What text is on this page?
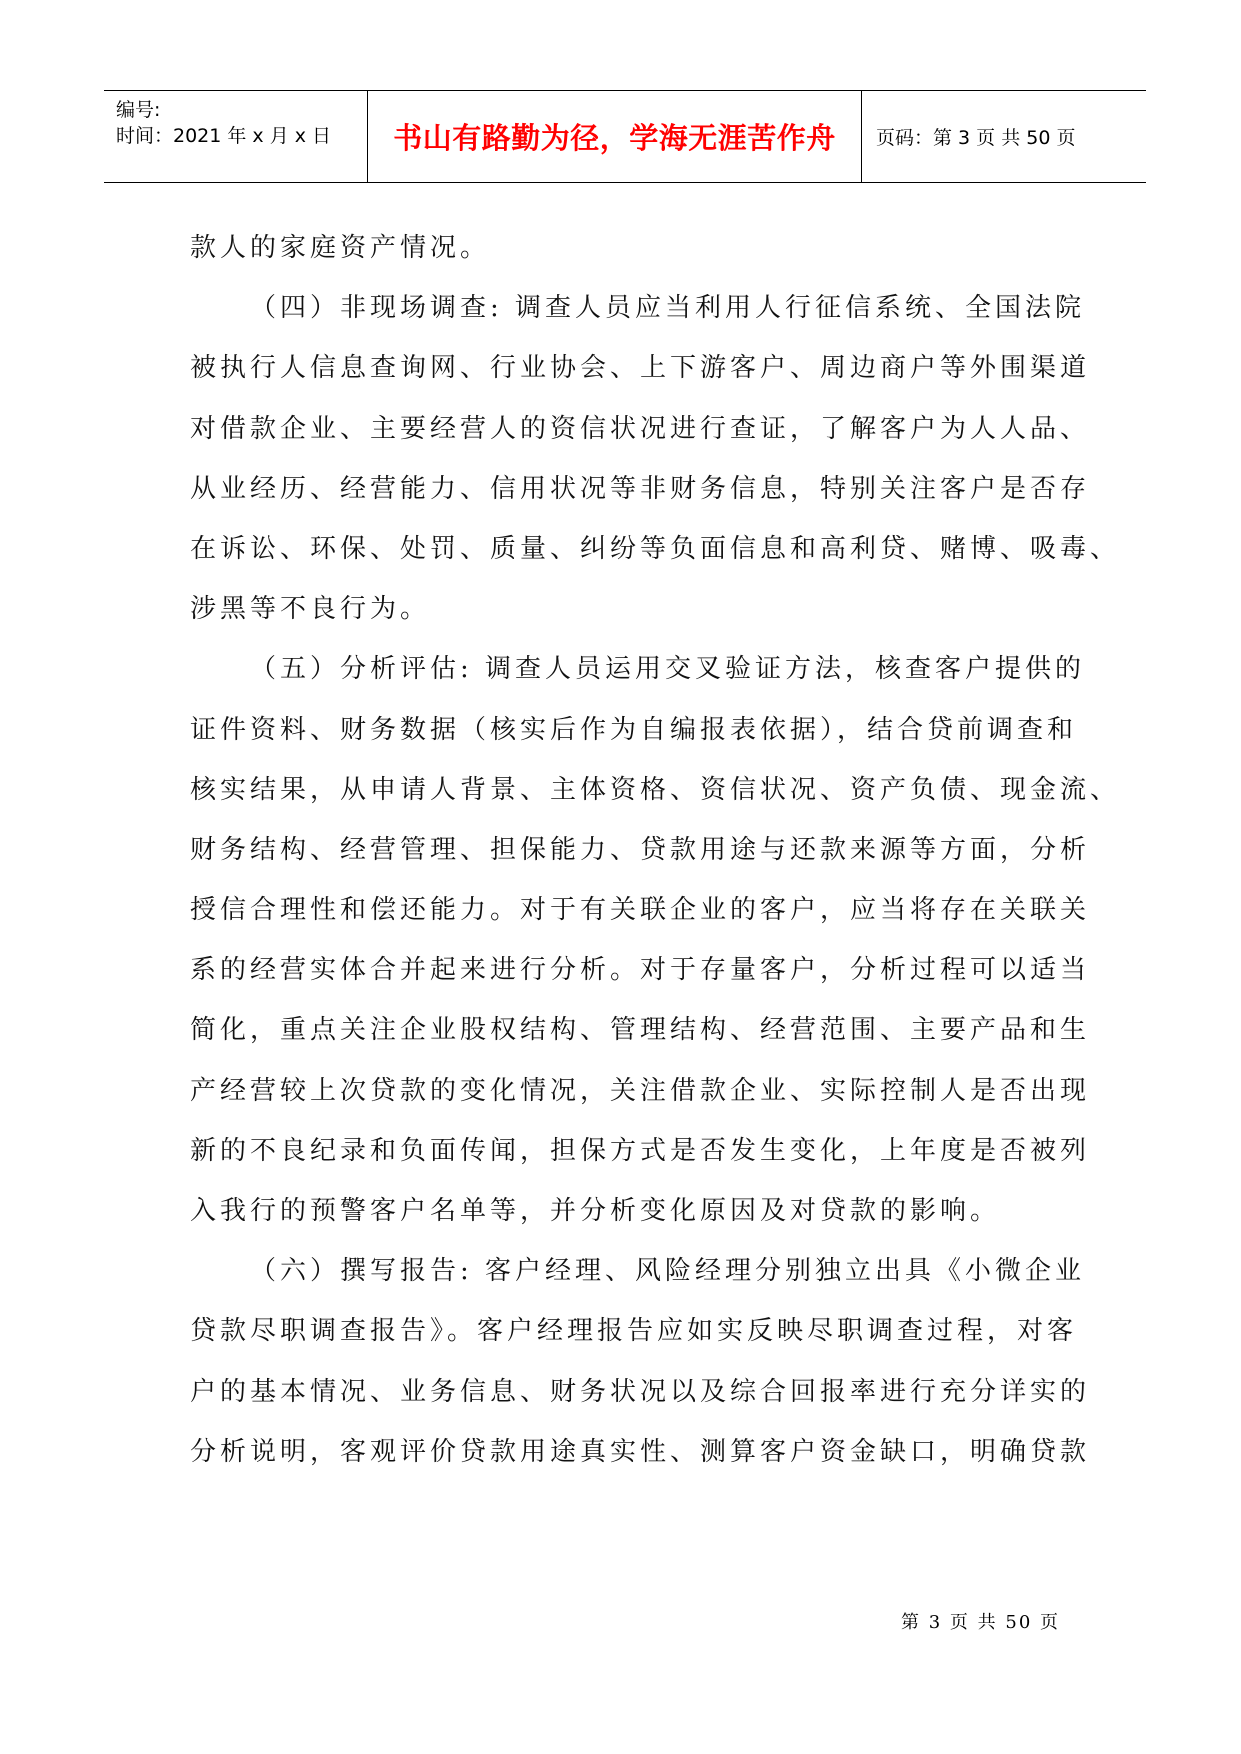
编号:
时间：2021 年 x 月 x 日 书山有路勤为径，学海无涯苦作舟 页码：第 3 页 共 50 页
款人的家庭资产情况。
（四）非现场调查: 调查人员应当利用人行征信系统、全国法院
被执行人信息查询网、行业协会、上下游客户、周边商户等外围渠道
对借款企业、主要经营人的资信状况进行查证，了解客户为人人品、
从业经历、经营能力、信用状况等非财务信息，特别关注客户是否存
在诉讼、环保、处罚、质量、纠纷等负面信息和高利贷、赌博、吸毒、
涉黑等不良行为。
（五）分析评估: 调查人员运用交叉验证方法，核查客户提供的
证件资料、财务数据（核实后作为自编报表依据），结合贷前调查和
核实结果，从申请人背景、主体资格、资信状况、资产负债、现金流、
财务结构、经营管理、担保能力、贷款用途与还款来源等方面，分析
授信合理性和偿还能力。对于有关联企业的客户，应当将存在关联关
系的经营实体合并起来进行分析。对于存量客户，分析过程可以适当
简化，重点关注企业股权结构、管理结构、经营范围、主要产品和生
产经营较上次贷款的变化情况，关注借款企业、实际控制人是否出现
新的不良纪录和负面传闻，担保方式是否发生变化，上年度是否被列
入我行的预警客户名单等，并分析变化原因及对贷款的影响。
（六）撰写报告: 客户经理、风险经理分别独立出具《小微企业
贷款尽职调查报告》。客户经理报告应如实反映尽职调查过程，对客
户的基本情况、业务信息、财务状况以及综合回报率进行充分详实的
分析说明，客观评价贷款用途真实性、测算客户资金缺口，明确贷款
第 3 页 共 50 页
